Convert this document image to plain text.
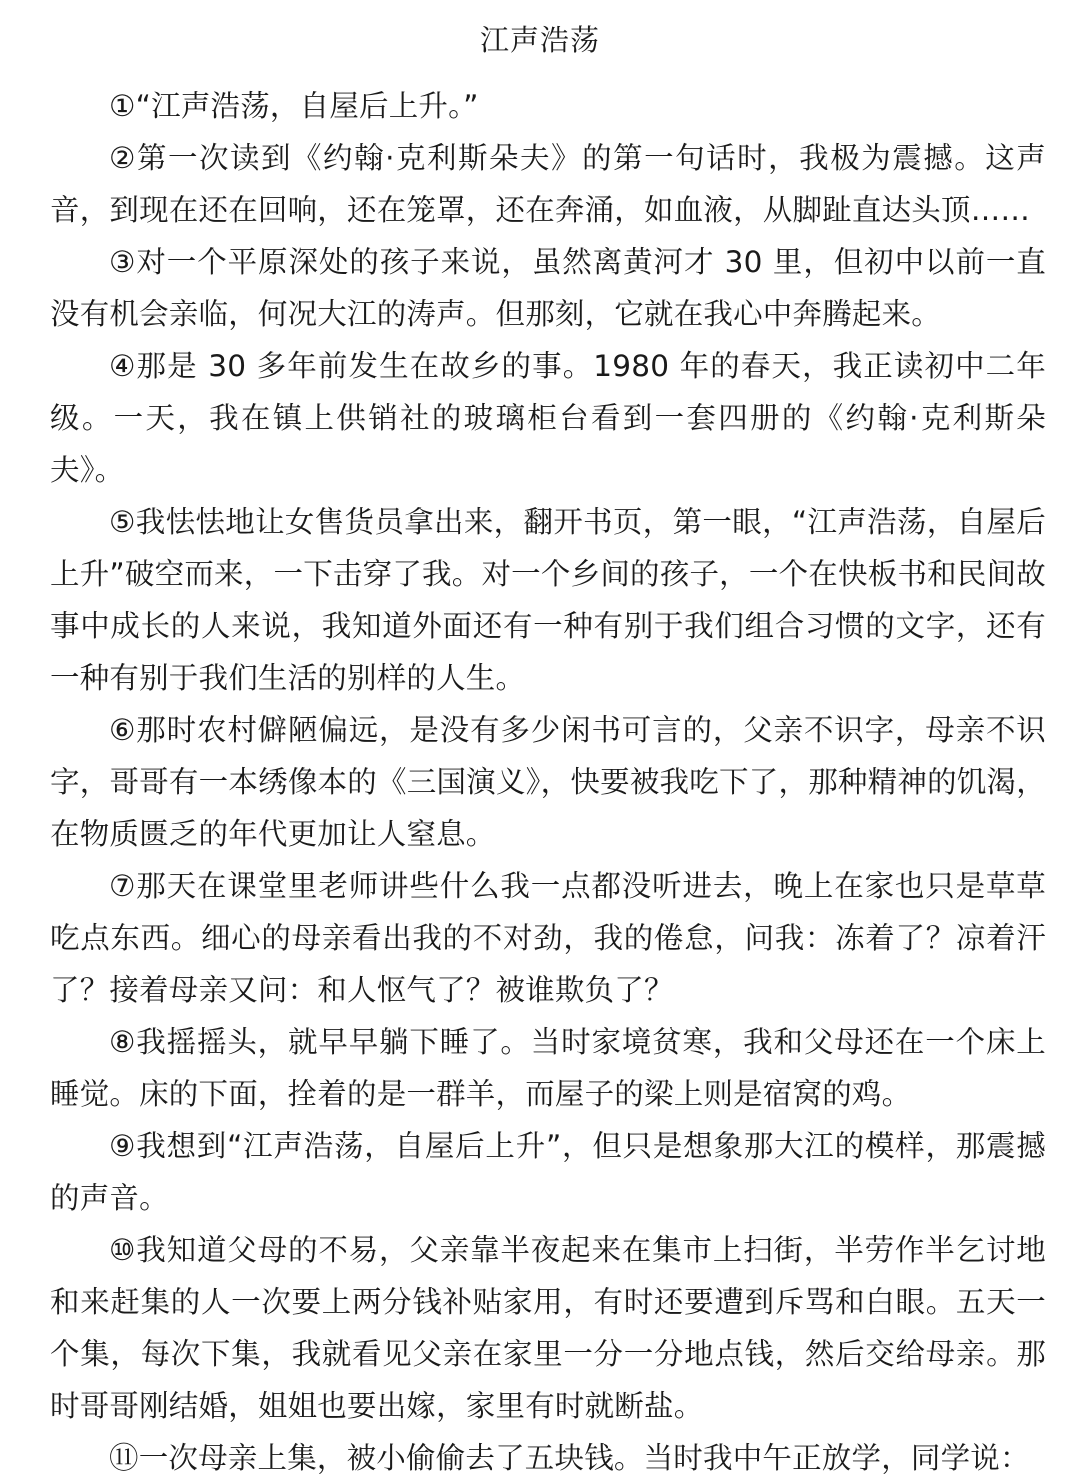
江声浩荡

①“江声浩荡，自屋后上升。”

②第一次读到《约翰·克利斯朵夫》的第一句话时，我极为震撼。这声音，到现在还在回响，还在笼罩，还在奔涌，如血液，从脚趾直达头顶……

③对一个平原深处的孩子来说，虽然离黄河才 30 里，但初中以前一直没有机会亲临，何况大江的涛声。但那刻，它就在我心中奔腾起来。

④那是 30 多年前发生在故乡的事。1980 年的春天，我正读初中二年级。一天，我在镇上供销社的玻璃柜台看到一套四册的《约翰·克利斯朵夫》。

⑤我怯怯地让女售货员拿出来，翻开书页，第一眼，“江声浩荡，自屋后上升”破空而来，一下击穿了我。对一个乡间的孩子，一个在快板书和民间故事中成长的人来说，我知道外面还有一种有别于我们组合习惯的文字，还有一种有别于我们生活的别样的人生。

⑥那时农村僻陋偏远，是没有多少闲书可言的，父亲不识字，母亲不识字，哥哥有一本绣像本的《三国演义》，快要被我吃下了，那种精神的饥渴，在物质匮乏的年代更加让人窒息。

⑦那天在课堂里老师讲些什么我一点都没听进去，晚上在家也只是草草吃点东西。细心的母亲看出我的不对劲，我的倦怠，问我：冻着了？凉着汗了？接着母亲又问：和人怄气了？被谁欺负了？

⑧我摇摇头，就早早躺下睡了。当时家境贫寒，我和父母还在一个床上睡觉。床的下面，拴着的是一群羊，而屋子的梁上则是宿窝的鸡。

⑨我想到“江声浩荡，自屋后上升”，但只是想象那大江的模样，那震撼的声音。

⑩我知道父母的不易，父亲靠半夜起来在集市上扫街，半劳作半乞讨地和来赶集的人一次要上两分钱补贴家用，有时还要遭到斥骂和白眼。五天一个集，每次下集，我就看见父亲在家里一分一分地点钱，然后交给母亲。那时哥哥刚结婚，姐姐也要出嫁，家里有时就断盐。

⑪一次母亲上集，被小偷偷去了五块钱。当时我中午正放学，同学说：
